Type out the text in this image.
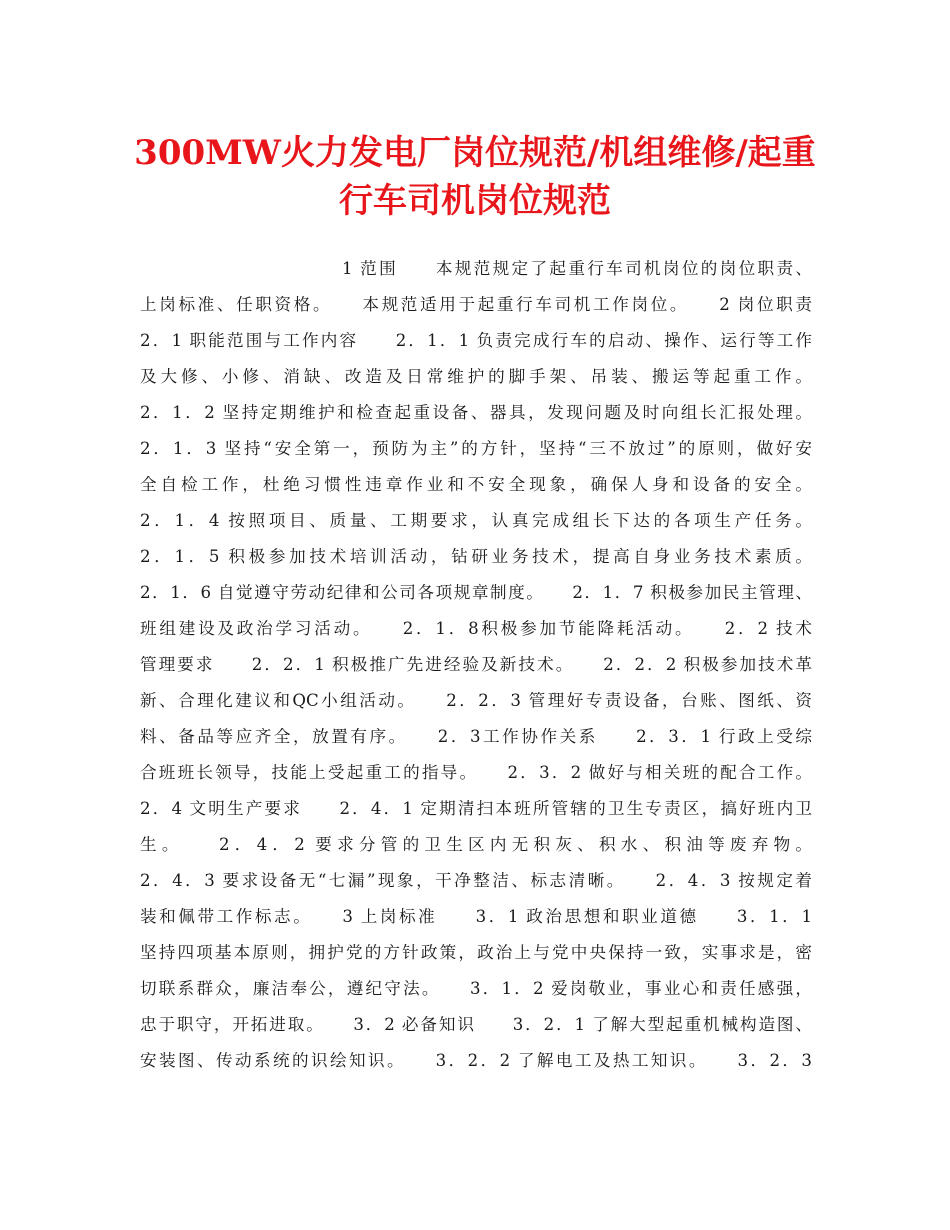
300MW火力发电厂岗位规范/机组维修/起重
行车司机岗位规范
1 范围　　本规范规定了起重行车司机岗位的岗位职责、
上岗标准、任职资格。　　本规范适用于起重行车司机工作岗位。　　2 岗位职责
2．1 职能范围与工作内容　　2．1．1 负责完成行车的启动、操作、运行等工作
及大修、小修、消缺、改造及日常维护的脚手架、吊装、搬运等起重工作。
2．1．2 坚持定期维护和检查起重设备、器具，发现问题及时向组长汇报处理。
2．1．3 坚持“安全第一，预防为主”的方针，坚持“三不放过”的原则，做好安
全自检工作，杜绝习惯性违章作业和不安全现象，确保人身和设备的安全。
2．1．4 按照项目、质量、工期要求，认真完成组长下达的各项生产任务。
2．1．5 积极参加技术培训活动，钻研业务技术，提高自身业务技术素质。
2．1．6 自觉遵守劳动纪律和公司各项规章制度。　　2．1．7 积极参加民主管理、
班组建设及政治学习活动。　　2．1．8积极参加节能降耗活动。　　2．2 技术
管理要求　　2．2．1 积极推广先进经验及新技术。　　2．2．2 积极参加技术革
新、合理化建议和QC小组活动。　　2．2．3 管理好专责设备，台账、图纸、资
料、备品等应齐全，放置有序。　　2．3工作协作关系　　2．3．1 行政上受综
合班班长领导，技能上受起重工的指导。　　2．3．2 做好与相关班的配合工作。
2．4 文明生产要求　　2．4．1 定期清扫本班所管辖的卫生专责区，搞好班内卫
生。　　2．4．2 要求分管的卫生区内无积灰、积水、积油等废弃物。
2．4．3 要求设备无“七漏”现象，干净整洁、标志清晰。　　2．4．3 按规定着
装和佩带工作标志。　　3 上岗标准　　3．1 政治思想和职业道德　　3．1．1
坚持四项基本原则，拥护党的方针政策，政治上与党中央保持一致，实事求是，密
切联系群众，廉洁奉公，遵纪守法。　　3．1．2 爱岗敬业，事业心和责任感强，
忠于职守，开拓进取。　　3．2 必备知识　　3．2．1 了解大型起重机械构造图、
安装图、传动系统的识绘知识。　　3．2．2 了解电工及热工知识。　　3．2．3
